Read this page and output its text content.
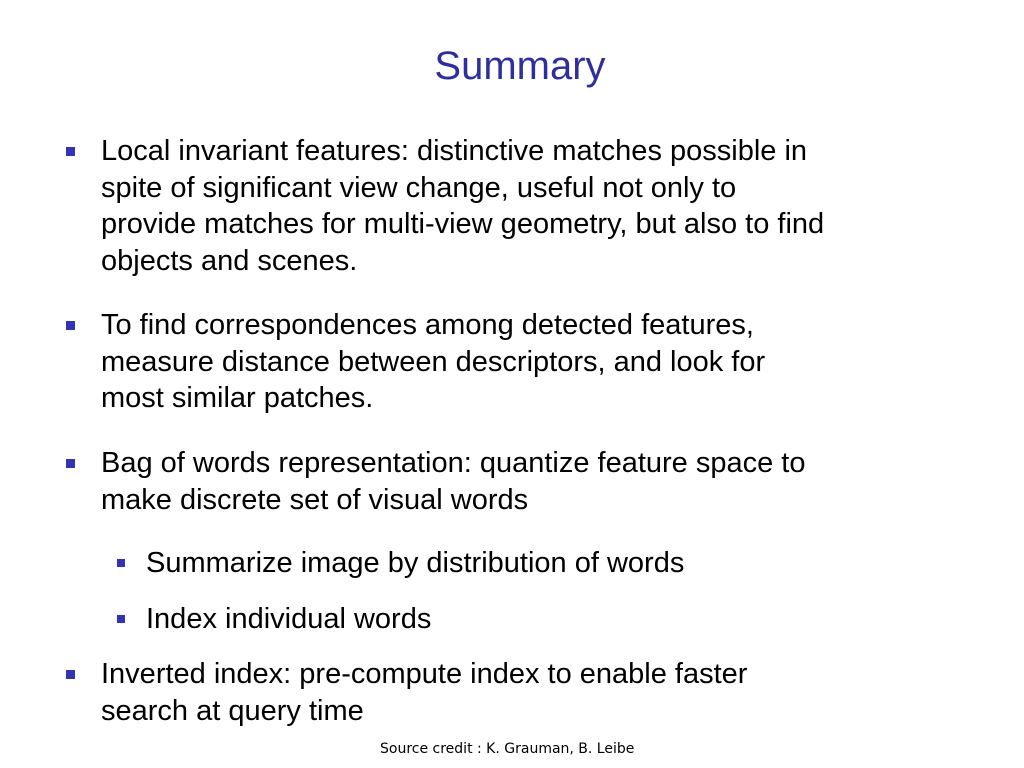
Summary
Local invariant features: distinctive matches possible in
spite of significant view change, useful not only to
provide matches for multi-view geometry, but also to find
objects and scenes.
To find correspondences among detected features,
measure distance between descriptors, and look for
most similar patches.
Bag of words representation: quantize feature space to
make discrete set of visual words
Summarize image by distribution of words
Index individual words
Inverted index: pre-compute index to enable faster
search at query time
Source credit : K. Grauman, B. Leibe
